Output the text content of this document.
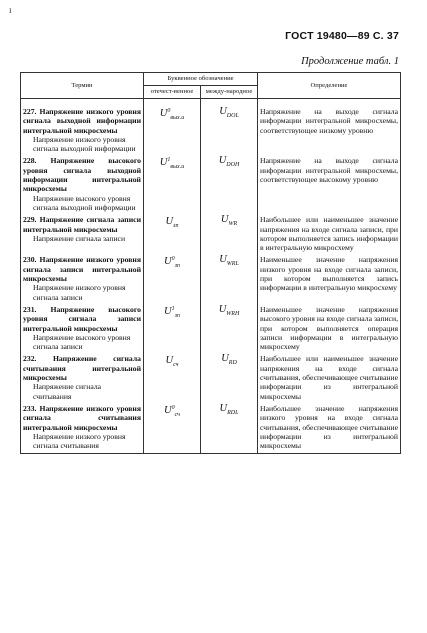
ɪ
ГОСТ 19480—89 С. 37
Продолжение табл. 1
Термин	Буквенное обозначение		Определение
	отечест-венное	между-народное	

227. Напряжение низкого уровня сигнала выходной информации интегральной микросхемы
Напряжение низкого уровня сигнала выходной информации	$U^0_{вых.и}$	$U_{DOL}$	Напряжение на выходе сигнала информации интегральной микросхемы, соответствующее низкому уровню

228. Напряжение высокого уровня сигнала выходной информации интегральной микросхемы
Напряжение высокого уровня сигнала выходной информации	$U^1_{вых.и}$	$U_{DOH}$	Напряжение на выходе сигнала информации интегральной микросхемы, соответствующее высокому уровню

229. Напряжение сигнала записи интегральной микросхемы
Напряжение сигнала записи	$U_{зп}$	$U_{WR}$	Наибольшее или наименьшее значение напряжения на входе сигнала записи, при котором выполняется запись информации в интегральную микросхему

230. Напряжение низкого уровня сигнала записи интегральной микросхемы
Напряжение низкого уровня сигнала записи	$U^0_{зп}$	$U_{WRL}$	Наименьшее значение напряжения низкого уровня на входе сигнала записи, при котором выполняется запись информации в интегральную микросхему

231. Напряжение высокого уровня сигнала записи интегральной микросхемы
Напряжение высокого уровня сигнала записи	$U^1_{зп}$	$U_{WRH}$	Наименьшее значение напряжения высокого уровня на входе сигнала записи, при котором выполняется операция записи информации в интегральную микросхему

232. Напряжение сигнала считывания интегральной микросхемы
Напряжение сигнала считывания	$U_{сч}$	$U_{RD}$	Наибольшее или наименьшее значение напряжения на входе сигнала считывания, обеспечивающее считывание информации из интегральной микросхемы

233. Напряжение низкого уровня сигнала считывания интегральной микросхемы
Напряжение низкого уровня сигнала считывания	$U^0_{сч}$	$U_{RDL}$	Наибольшее значение напряжения низкого уровня на входе сигнала считывания, обеспечивающее считывание информации из интегральной микросхемы
